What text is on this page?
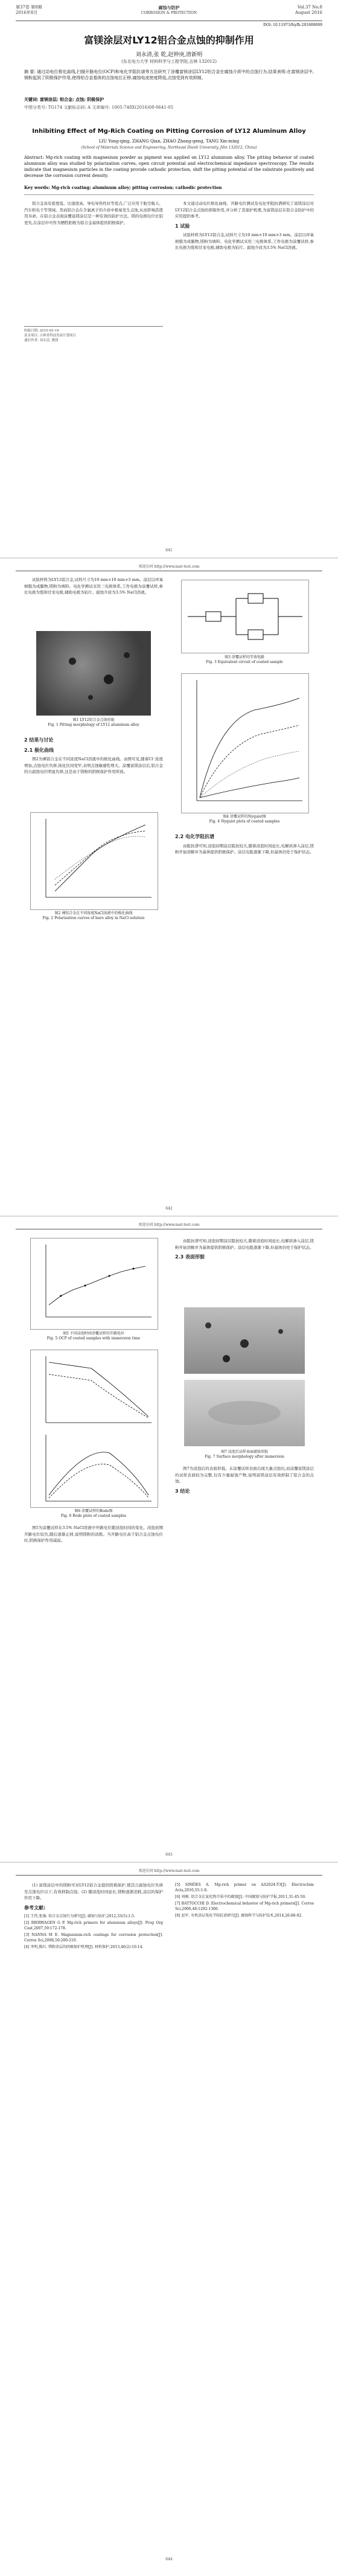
第37卷 第8期
2016年8月
腐蚀与防护
CORROSION & PROTECTION
Vol.37 No.8
August 2016
DOI: 10.11973/fsyfh-201608009
富镁涂层对LY12铝合金点蚀的抑制作用
刘永清,张 乾,赵钟庚,唐新明
(东北电力大学 材料科学与工程学院,吉林 132012)
摘 要: 通过动电位极化曲线,扫描开路电位(OCP)和电化学阻抗谱等方法研究了涂覆富镁涂层LY12铝合金在腐蚀介质中的点蚀行为,结果表明:在富镁涂层中,镁粉起到了阴极保护作用,使得铝合金基体的点蚀电位正移,腐蚀电流密度降低,点蚀受到有效抑制。
关键词: 富镁涂层; 铝合金; 点蚀; 阴极保护
中图分类号: TG174 文献标志码: A 文章编号: 1005-748X(2016)08-0641-05
Inhibiting Effect of Mg-Rich Coating on Pitting Corrosion of LY12 Aluminum Alloy
LIU Yong-qing, ZHANG Qian, ZHAO Zhong-geng, TANG Xin-ming
(School of Materials Science and Engineering, Northeast Dianli University, Jilin 132012, China)
Abstract: Mg-rich coating with magnesium powder as pigment was applied on LY12 aluminum alloy. The pitting behavior of coated aluminum alloy was studied by polarization curves, open circuit potential and electrochemical impedance spectroscopy. The results indicate that magnesium particles in the coating provide cathodic protection, shift the pitting potential of the substrate positively and decrease the corrosion current density.
Key words: Mg-rich coating; aluminum alloy; pitting corrosion; cathodic protection

铝合金具有密度低、比强度高、导电导热性好等优点,广泛应用于航空航天、汽车和电子等领域。然而铝合金在含氯离子的介质中极易发生点蚀,从而影响其使用寿命。在铝合金表面涂覆富镁涂层是一种有效的防护方法。镁的电极电位比铝更负,在涂层中可作为牺牲阳极为铝合金基体提供阴极保护。

本文通过动电位极化曲线、开路电位测试及电化学阻抗谱研究了富镁涂层对LY12铝合金点蚀的抑制作用,并分析了其保护机理,为富镁涂层在铝合金防护中的应用提供参考。

1 试验

试验材料为LY12铝合金,试样尺寸为10 mm×10 mm×3 mm。涂层以环氧树脂为成膜物,镁粉为填料。电化学测试采用三电极体系,工作电极为涂覆试样,参比电极为饱和甘汞电极,辅助电极为铂片。腐蚀介质为3.5% NaCl溶液。

收稿日期: 2015-05-19
基金项目: 吉林省科技发展计划项目
通信作者: 刘永清, 教授
641
欢迎访问 http://www.mat-test.com

试验材料为LY12铝合金,试样尺寸为10 mm×10 mm×3 mm。涂层以环氧树脂为成膜物,镁粉为填料。电化学测试采用三电极体系,工作电极为涂覆试样,参比电极为饱和甘汞电极,辅助电极为铂片。腐蚀介质为3.5% NaCl溶液。

图1 LY12铝合金点蚀形貌
Fig. 1 Pitting morphology of LY12 aluminum alloy
2 结果与讨论
2.1 极化曲线

图2为裸铝合金在不同浓度NaCl溶液中的极化曲线。由图可见,随着Cl⁻浓度增加,点蚀电位负移,钝化区间变窄,表明点蚀敏感性增大。涂覆富镁涂层后,铝合金的自腐蚀电位明显负移,这是由于镁粉的阴极保护作用所致。

图2 裸铝合金在不同浓度NaCl溶液中的极化曲线
Fig. 2 Polarization curves of bare alloy in NaCl solution
图3 涂覆试样的等效电路
Fig. 3 Equivalent circuit of coated sample
图4 涂覆试样的Nyquist图
Fig. 4 Nyquist plots of coated samples
2.2 电化学阻抗谱

由阻抗谱可知,浸泡初期涂层阻抗较大,随着浸泡时间延长,电解质渗入涂层,镁粉开始溶解并为基体提供阴极保护。涂层电阻逐渐下降,但基体仍处于保护状态。

642
欢迎访问 http://www.mat-test.com
图5 不同浸泡时间涂覆试样的开路电位
Fig. 5 OCP of coated samples with immersion time
图6 涂覆试样的Bode图
Fig. 6 Bode plots of coated samples

图5为涂覆试样在3.5% NaCl溶液中开路电位随浸泡时间的变化。浸泡初期开路电位较负,随后逐渐正移,说明镁粉的消耗。当开路电位高于铝合金点蚀电位时,阴极保护作用减弱。

由阻抗谱可知,浸泡初期涂层阻抗较大,随着浸泡时间延长,电解质渗入涂层,镁粉开始溶解并为基体提供阴极保护。涂层电阻逐渐下降,但基体仍处于保护状态。

2.3 表面形貌
图7 浸泡后试样表面腐蚀形貌
Fig. 7 Surface morphology after immersion

图7为浸泡后的表面形貌。未涂覆试样表面出现大量点蚀坑,而涂覆富镁涂层的试样表面较为完整,仅有少量腐蚀产物,说明富镁涂层有效抑制了铝合金的点蚀。

3 结论
643
欢迎访问 http://www.mat-test.com

(1) 富镁涂层中的镁粉可对LY12铝合金提供阴极保护,使其自腐蚀电位负移至点蚀电位以下,有效抑制点蚀。(2) 随浸泡时间延长,镁粉逐渐消耗,涂层的保护作用下降。

参考文献:
[1] 王伟,张强. 铝合金点蚀行为研究[J]. 腐蚀与防护,2012,33(5):1-5.
[2] BIERWAGEN G P. Mg-rich primers for aluminum alloys[J]. Prog Org Coat,2007,59:172-178.
[3] NANNA M E. Magnesium-rich coatings for corrosion protection[J]. Corros Sci,2008,50:200-210.
[4] 李明,陈红. 镁粉涂层的阴极保护机理[J]. 材料保护,2013,46(2):10-14.
[5] SIMÕES A. Mg-rich primer on AA2024-T3[J]. Electrochim Acta,2010,55:1-8.
[6] 刘刚. 铝合金在氯化物介质中的腐蚀[J]. 中国腐蚀与防护学报,2011,31:45-50.
[7] BATTOCCHI D. Electrochemical behavior of Mg-rich primers[J]. Corros Sci,2006,48:1292-1306.
[8] 赵军. 有机涂层电化学阻抗谱研究[J]. 腐蚀科学与防护技术,2014,26:88-92.
644
